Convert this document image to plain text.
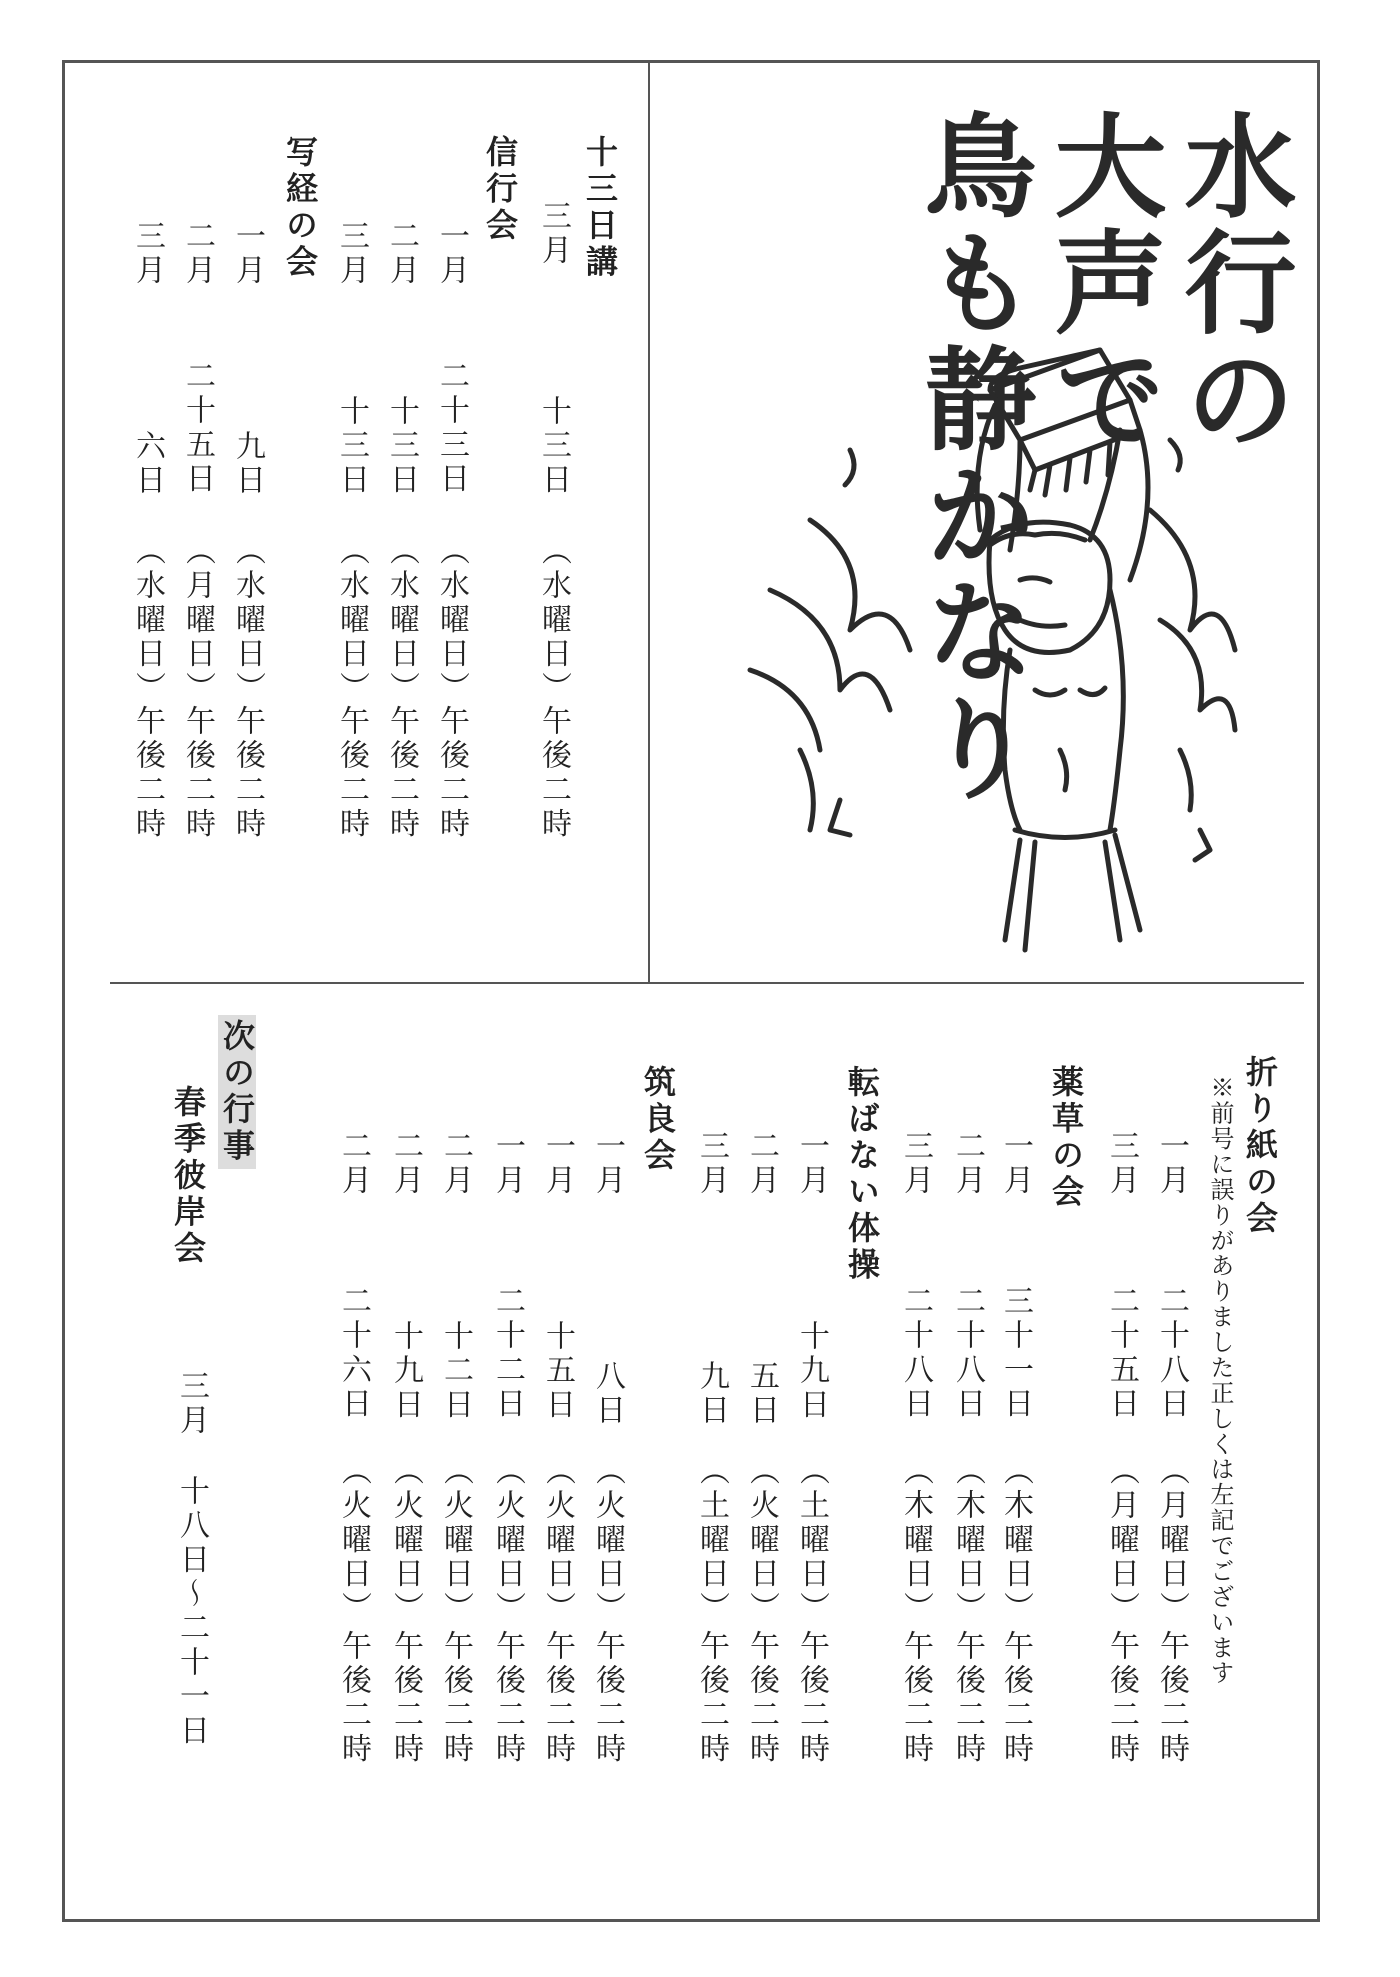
水行の
大声で
鳥も静かなり
十三日講
三月
十三日
（水曜日）
午後二時
信行会
一月
二十三日
（水曜日）
午後二時
二月
十三日
（水曜日）
午後二時
三月
十三日
（水曜日）
午後二時
写経の会
一月
九日
（水曜日）
午後二時
二月
二十五日
（月曜日）
午後二時
三月
六日
（水曜日）
午後二時
折り紙の会
※前号に誤りがありました正しくは左記でございます
一月
二十八日
（月曜日）
午後二時
三月
二十五日
（月曜日）
午後二時
薬草の会
一月
三十一日
（木曜日）
午後二時
二月
二十八日
（木曜日）
午後二時
三月
二十八日
（木曜日）
午後二時
転ばない体操
一月
十九日
（土曜日）
午後二時
二月
五日
（火曜日）
午後二時
三月
九日
（土曜日）
午後二時
筑良会
一月
八日
（火曜日）
午後二時
一月
十五日
（火曜日）
午後二時
一月
二十二日
（火曜日）
午後二時
二月
十二日
（火曜日）
午後二時
二月
十九日
（火曜日）
午後二時
二月
二十六日
（火曜日）
午後二時
次の行事
春季彼岸会
三月
十八日～二十一日
